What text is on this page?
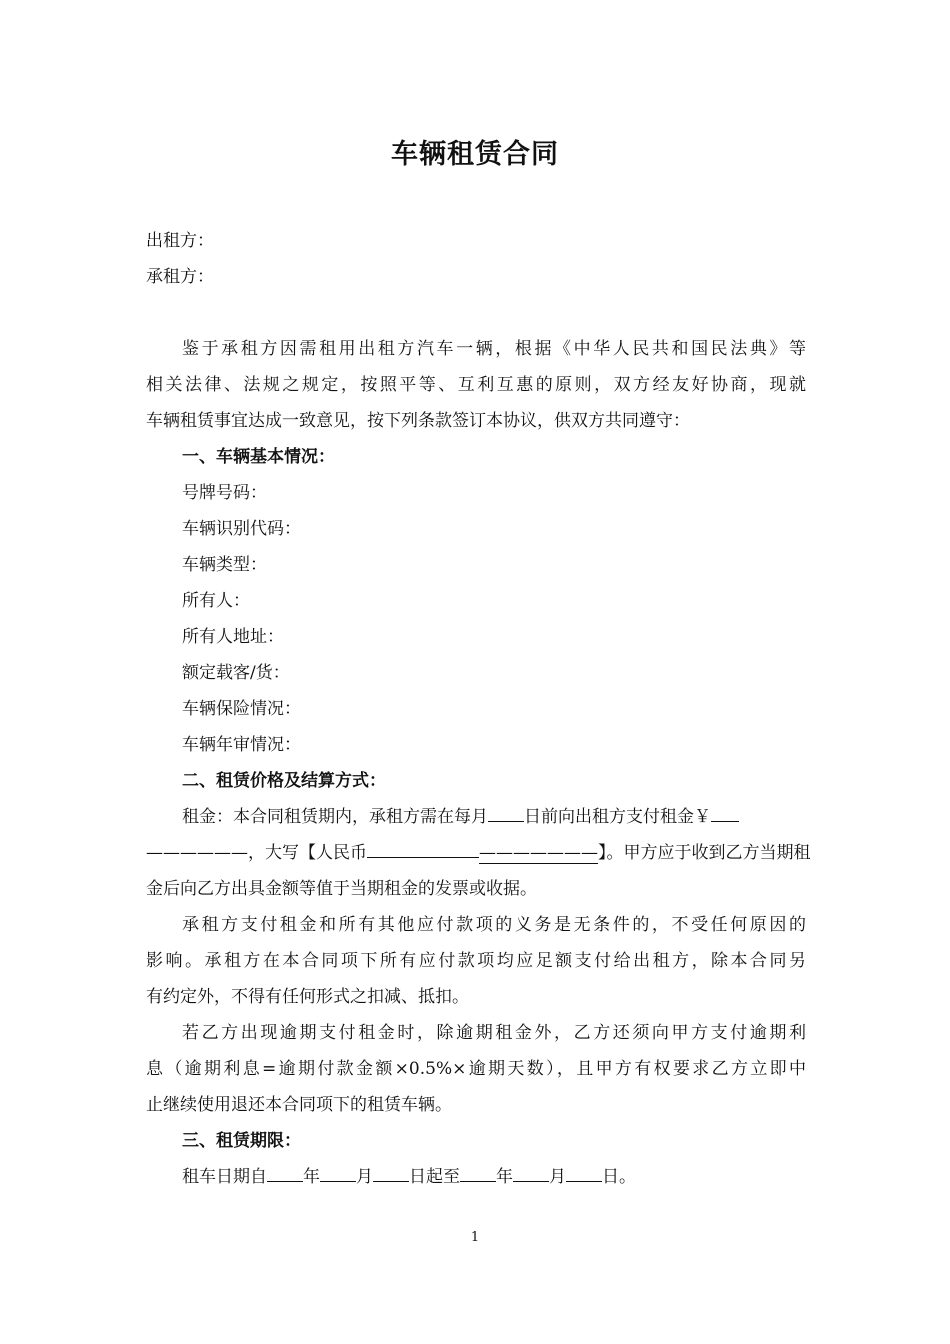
车辆租赁合同
出租方：
承租方：
鉴于承租方因需租用出租方汽车一辆，根据《中华人民共和国民法典》等
相关法律、法规之规定，按照平等、互利互惠的原则，双方经友好协商，现就
车辆租赁事宜达成一致意见，按下列条款签订本协议，供双方共同遵守：
一、车辆基本情况：
号牌号码：
车辆识别代码：
车辆类型：
所有人：
所有人地址：
额定载客/货：
车辆保险情况：
车辆年审情况：
二、租赁价格及结算方式：
租金：本合同租赁期内，承租方需在每月 日前向出租方支付租金￥
——————，大写【人民币	———————】。甲方应于收到乙方当期租
金后向乙方出具金额等值于当期租金的发票或收据。
承租方支付租金和所有其他应付款项的义务是无条件的，不受任何原因的
影响。承租方在本合同项下所有应付款项均应足额支付给出租方，除本合同另
有约定外，不得有任何形式之扣减、抵扣。
若乙方出现逾期支付租金时，除逾期租金外，乙方还须向甲方支付逾期利
息（逾期利息=逾期付款金额×0.5%×逾期天数），且甲方有权要求乙方立即中
止继续使用退还本合同项下的租赁车辆。
三、租赁期限：
租车日期自 年 月 日起至 年 月 日。
1
